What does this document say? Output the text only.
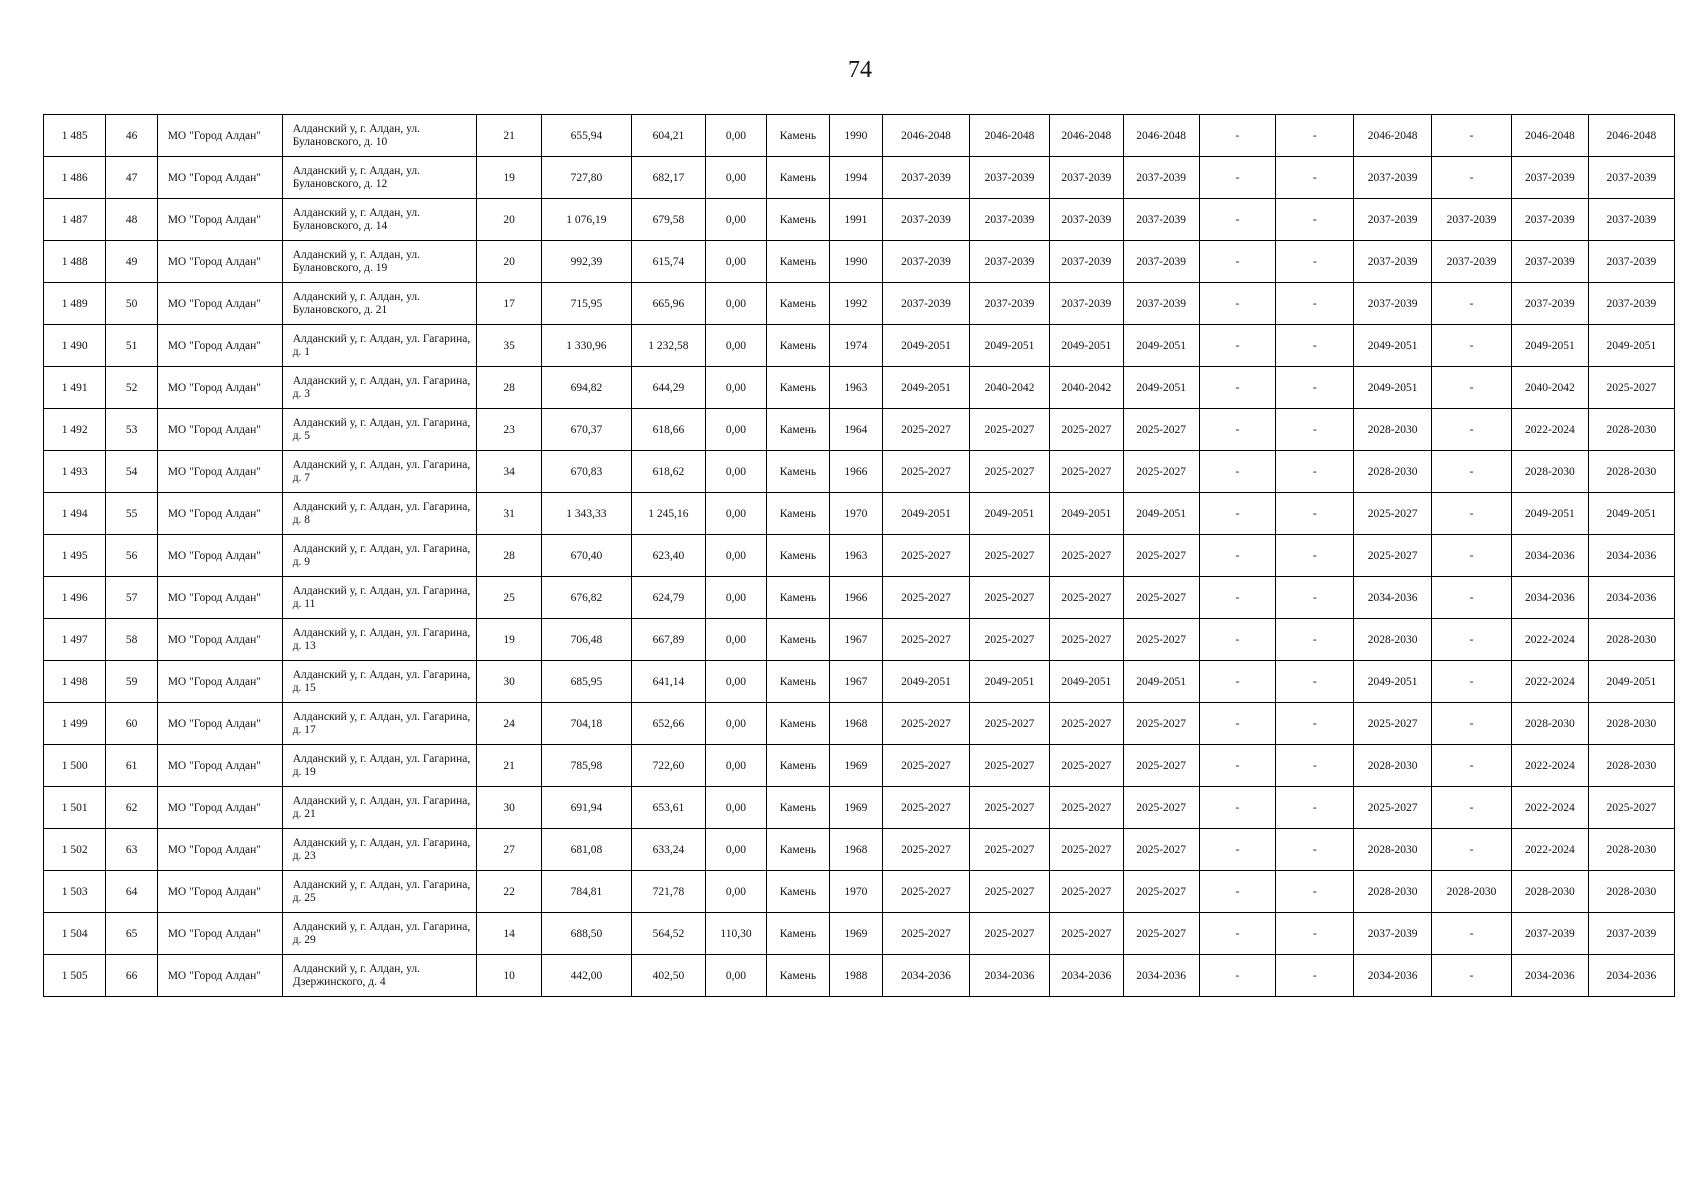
74
1 485	46	МО "Город Алдан"	Алданский у, г. Алдан, ул. Булановского, д. 10	21	655,94	604,21	0,00	Камень	1990	2046-2048	2046-2048	2046-2048	2046-2048	-	-	2046-2048	-	2046-2048	2046-2048
1 486	47	МО "Город Алдан"	Алданский у, г. Алдан, ул. Булановского, д. 12	19	727,80	682,17	0,00	Камень	1994	2037-2039	2037-2039	2037-2039	2037-2039	-	-	2037-2039	-	2037-2039	2037-2039
1 487	48	МО "Город Алдан"	Алданский у, г. Алдан, ул. Булановского, д. 14	20	1 076,19	679,58	0,00	Камень	1991	2037-2039	2037-2039	2037-2039	2037-2039	-	-	2037-2039	2037-2039	2037-2039	2037-2039
1 488	49	МО "Город Алдан"	Алданский у, г. Алдан, ул. Булановского, д. 19	20	992,39	615,74	0,00	Камень	1990	2037-2039	2037-2039	2037-2039	2037-2039	-	-	2037-2039	2037-2039	2037-2039	2037-2039
1 489	50	МО "Город Алдан"	Алданский у, г. Алдан, ул. Булановского, д. 21	17	715,95	665,96	0,00	Камень	1992	2037-2039	2037-2039	2037-2039	2037-2039	-	-	2037-2039	-	2037-2039	2037-2039
1 490	51	МО "Город Алдан"	Алданский у, г. Алдан, ул. Гагарина, д. 1	35	1 330,96	1 232,58	0,00	Камень	1974	2049-2051	2049-2051	2049-2051	2049-2051	-	-	2049-2051	-	2049-2051	2049-2051
1 491	52	МО "Город Алдан"	Алданский у, г. Алдан, ул. Гагарина, д. 3	28	694,82	644,29	0,00	Камень	1963	2049-2051	2040-2042	2040-2042	2049-2051	-	-	2049-2051	-	2040-2042	2025-2027
1 492	53	МО "Город Алдан"	Алданский у, г. Алдан, ул. Гагарина, д. 5	23	670,37	618,66	0,00	Камень	1964	2025-2027	2025-2027	2025-2027	2025-2027	-	-	2028-2030	-	2022-2024	2028-2030
1 493	54	МО "Город Алдан"	Алданский у, г. Алдан, ул. Гагарина, д. 7	34	670,83	618,62	0,00	Камень	1966	2025-2027	2025-2027	2025-2027	2025-2027	-	-	2028-2030	-	2028-2030	2028-2030
1 494	55	МО "Город Алдан"	Алданский у, г. Алдан, ул. Гагарина, д. 8	31	1 343,33	1 245,16	0,00	Камень	1970	2049-2051	2049-2051	2049-2051	2049-2051	-	-	2025-2027	-	2049-2051	2049-2051
1 495	56	МО "Город Алдан"	Алданский у, г. Алдан, ул. Гагарина, д. 9	28	670,40	623,40	0,00	Камень	1963	2025-2027	2025-2027	2025-2027	2025-2027	-	-	2025-2027	-	2034-2036	2034-2036
1 496	57	МО "Город Алдан"	Алданский у, г. Алдан, ул. Гагарина, д. 11	25	676,82	624,79	0,00	Камень	1966	2025-2027	2025-2027	2025-2027	2025-2027	-	-	2034-2036	-	2034-2036	2034-2036
1 497	58	МО "Город Алдан"	Алданский у, г. Алдан, ул. Гагарина, д. 13	19	706,48	667,89	0,00	Камень	1967	2025-2027	2025-2027	2025-2027	2025-2027	-	-	2028-2030	-	2022-2024	2028-2030
1 498	59	МО "Город Алдан"	Алданский у, г. Алдан, ул. Гагарина, д. 15	30	685,95	641,14	0,00	Камень	1967	2049-2051	2049-2051	2049-2051	2049-2051	-	-	2049-2051	-	2022-2024	2049-2051
1 499	60	МО "Город Алдан"	Алданский у, г. Алдан, ул. Гагарина, д. 17	24	704,18	652,66	0,00	Камень	1968	2025-2027	2025-2027	2025-2027	2025-2027	-	-	2025-2027	-	2028-2030	2028-2030
1 500	61	МО "Город Алдан"	Алданский у, г. Алдан, ул. Гагарина, д. 19	21	785,98	722,60	0,00	Камень	1969	2025-2027	2025-2027	2025-2027	2025-2027	-	-	2028-2030	-	2022-2024	2028-2030
1 501	62	МО "Город Алдан"	Алданский у, г. Алдан, ул. Гагарина, д. 21	30	691,94	653,61	0,00	Камень	1969	2025-2027	2025-2027	2025-2027	2025-2027	-	-	2025-2027	-	2022-2024	2025-2027
1 502	63	МО "Город Алдан"	Алданский у, г. Алдан, ул. Гагарина, д. 23	27	681,08	633,24	0,00	Камень	1968	2025-2027	2025-2027	2025-2027	2025-2027	-	-	2028-2030	-	2022-2024	2028-2030
1 503	64	МО "Город Алдан"	Алданский у, г. Алдан, ул. Гагарина, д. 25	22	784,81	721,78	0,00	Камень	1970	2025-2027	2025-2027	2025-2027	2025-2027	-	-	2028-2030	2028-2030	2028-2030	2028-2030
1 504	65	МО "Город Алдан"	Алданский у, г. Алдан, ул. Гагарина, д. 29	14	688,50	564,52	110,30	Камень	1969	2025-2027	2025-2027	2025-2027	2025-2027	-	-	2037-2039	-	2037-2039	2037-2039
1 505	66	МО "Город Алдан"	Алданский у, г. Алдан, ул. Дзержинского, д. 4	10	442,00	402,50	0,00	Камень	1988	2034-2036	2034-2036	2034-2036	2034-2036	-	-	2034-2036	-	2034-2036	2034-2036
